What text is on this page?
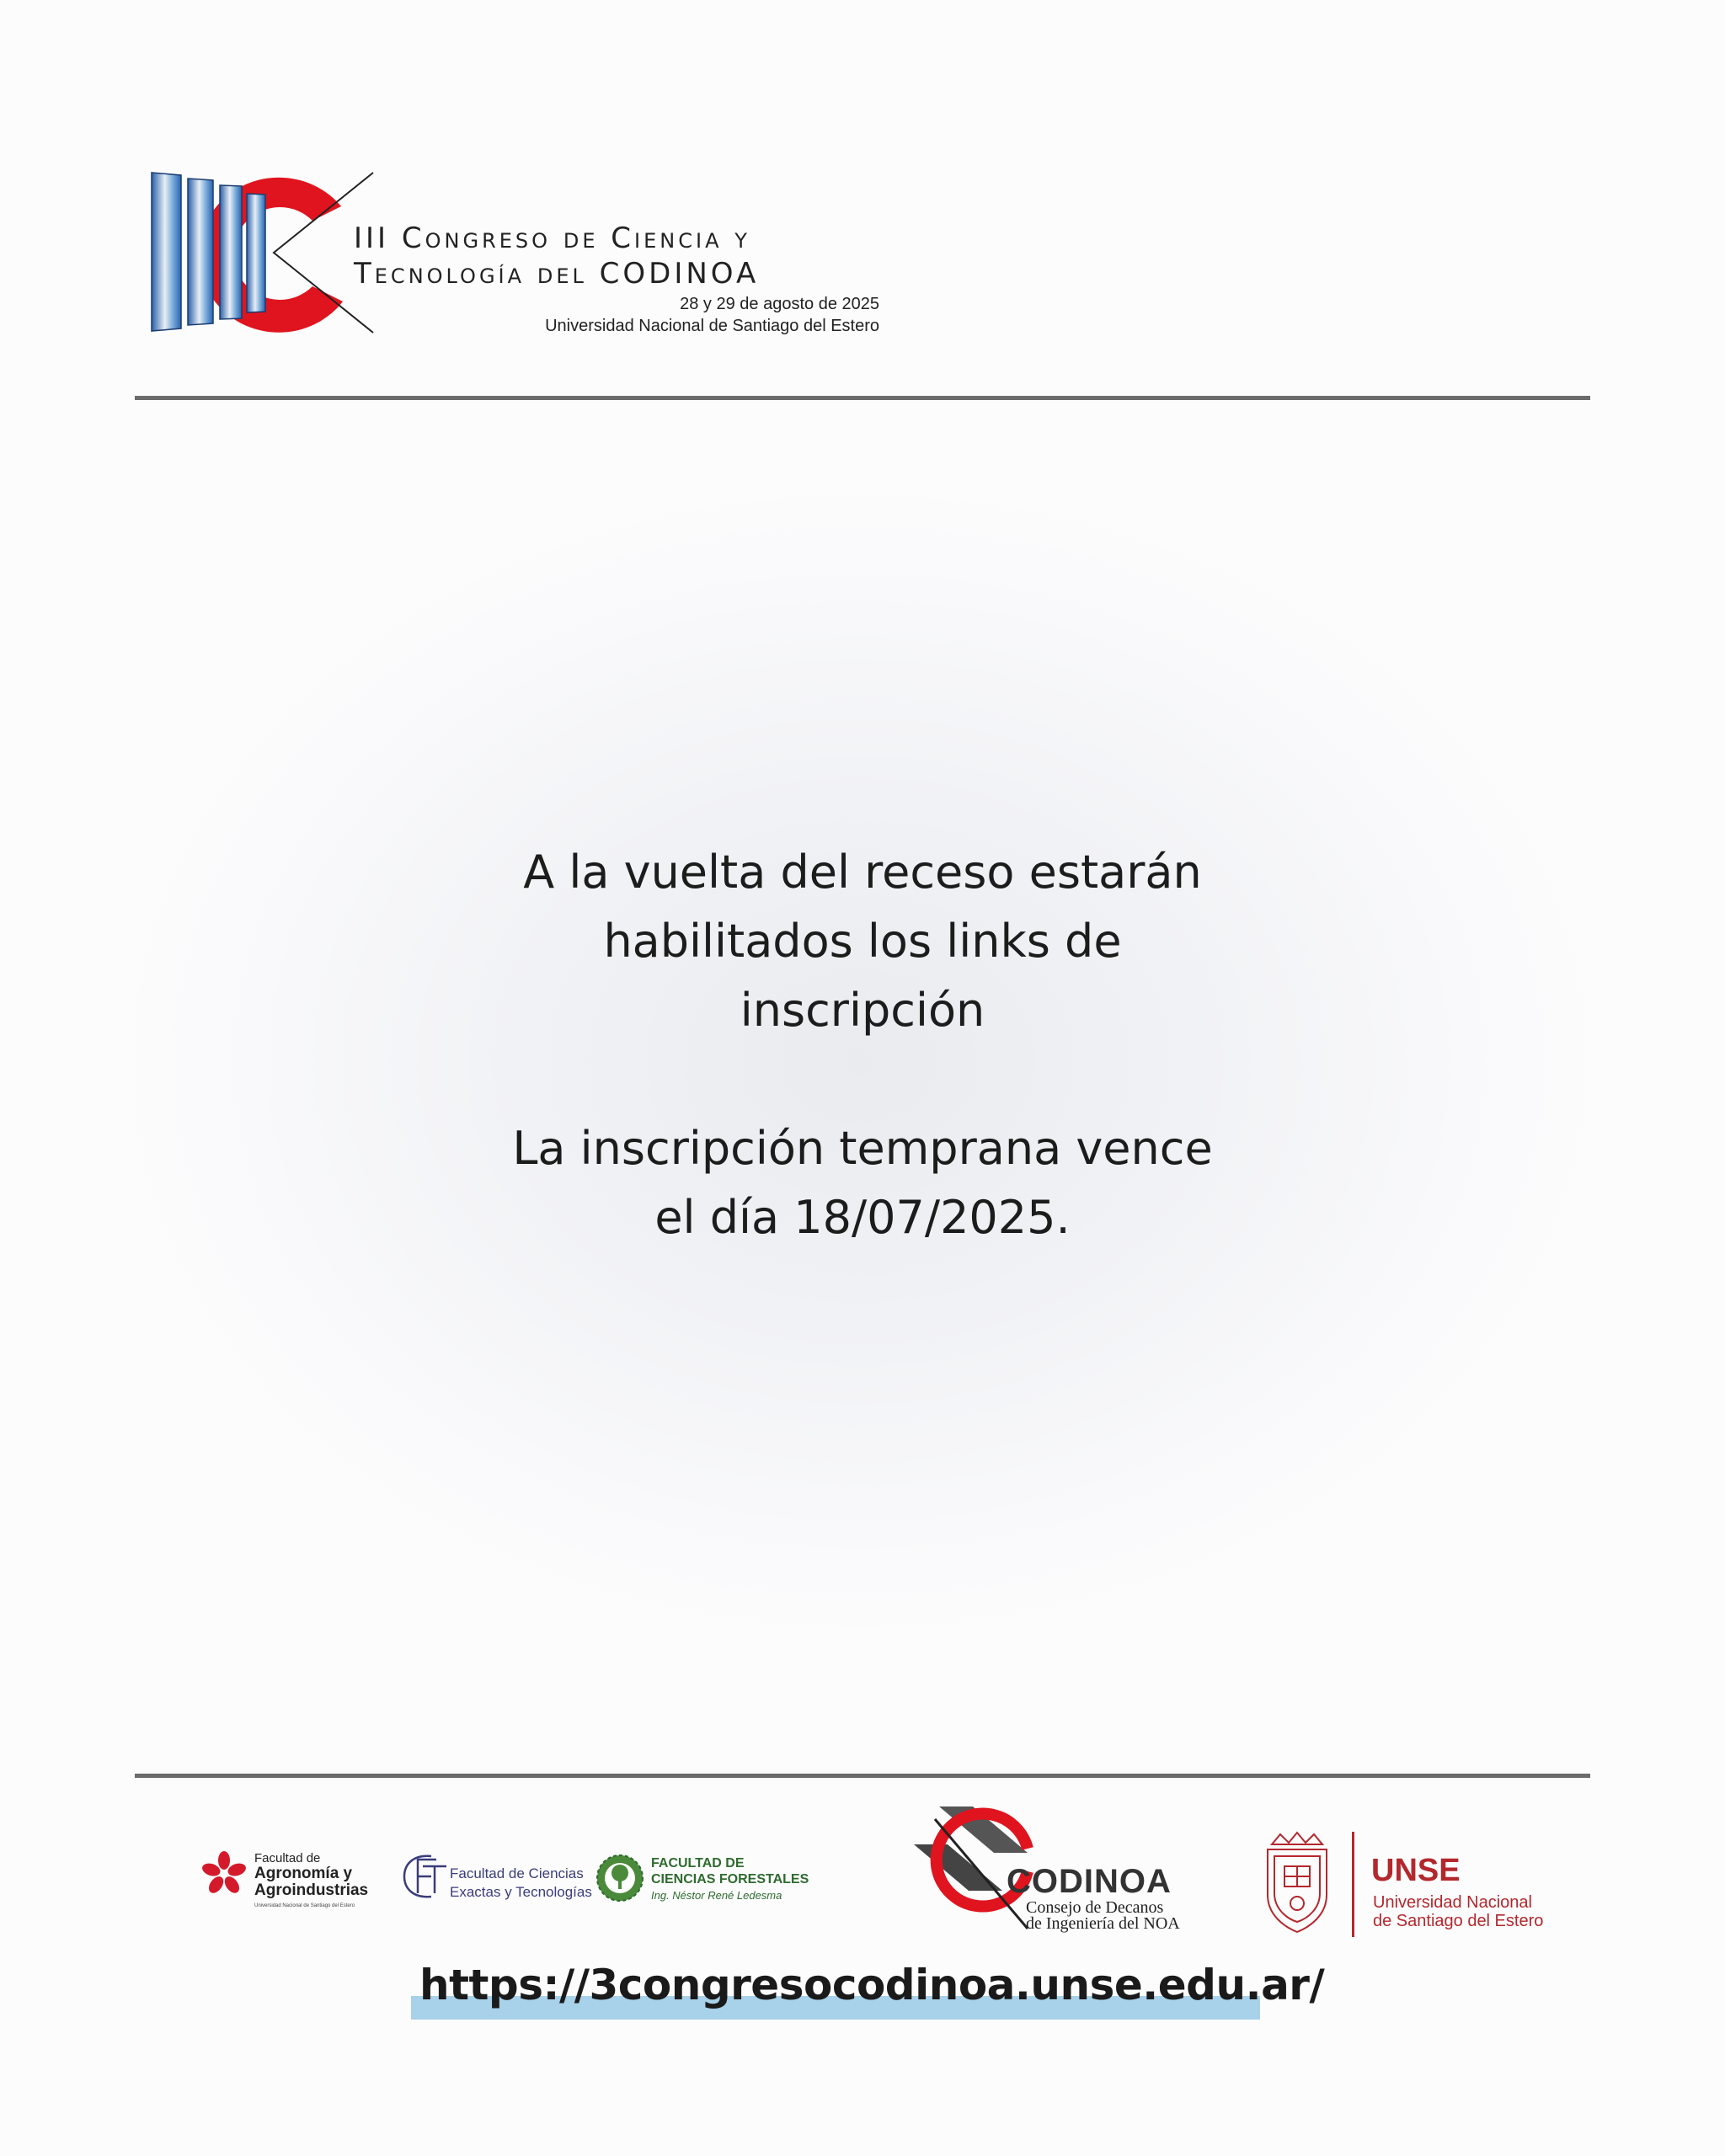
III Congreso de Ciencia y
Tecnología del CODINOA
28 y 29 de agosto de 2025
Universidad Nacional de Santiago del Estero

A la vuelta del receso estarán

habilitados los links de

inscripción

La inscripción temprana vence

el día 18/07/2025.

Facultad de
Agronomía y
Agroindustrias
Universidad Nacional de Santiago del Estero
Facultad de Ciencias
Exactas y Tecnologías
FACULTAD DE
CIENCIAS FORESTALES
Ing. Néstor René Ledesma	CODINOA
Consejo de Decanos
de Ingeniería del NOA
UNSE
Universidad Nacional
de Santiago del Estero
https://3congresocodinoa.unse.edu.ar/
